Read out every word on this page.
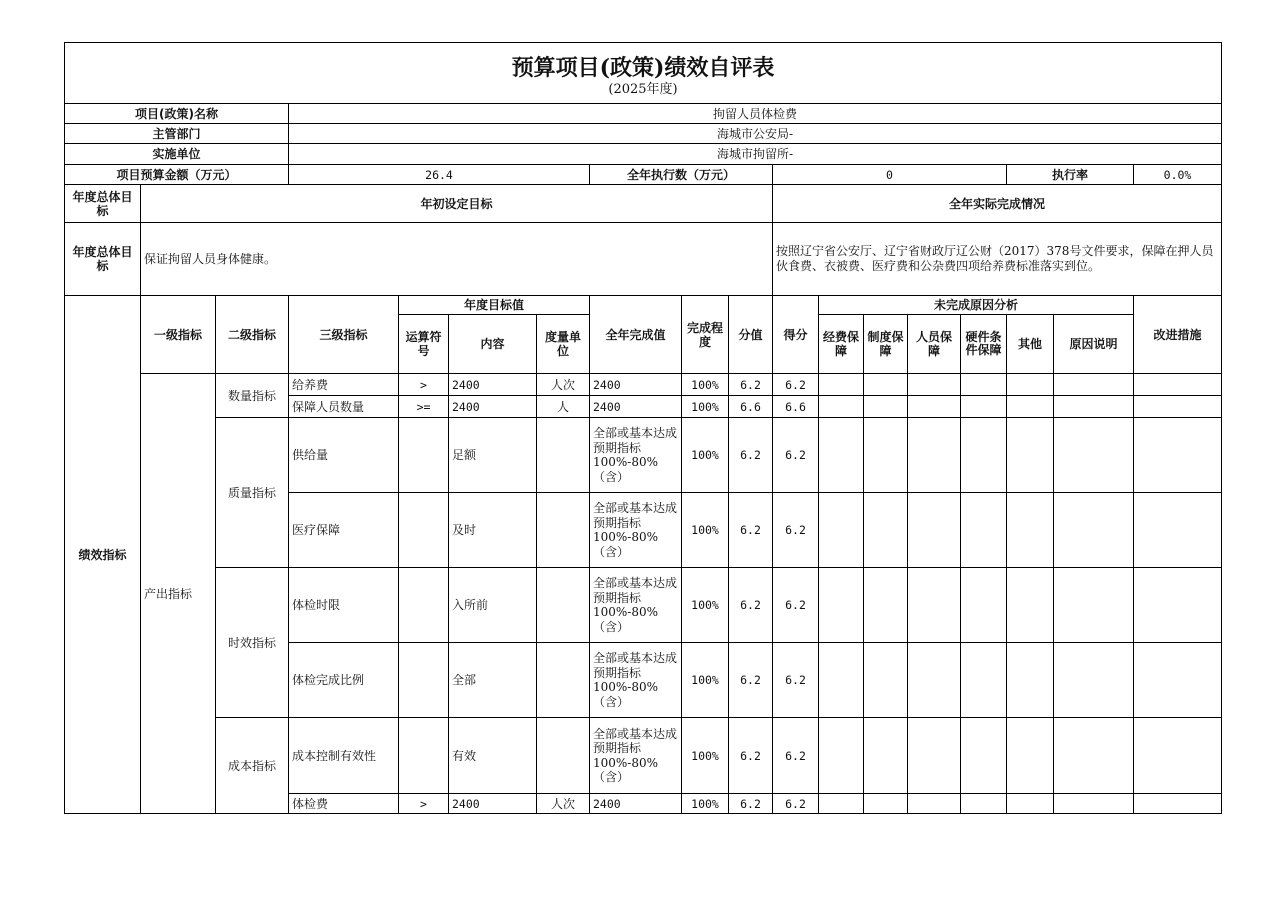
预算项目(政策)绩效自评表
(2025年度)																	

项目(政策)名称			拘留人员体检费														
主管部门			海城市公安局-														
实施单位			海城市拘留所-														
项目预算金额（万元）			26.4				全年执行数（万元）			0					执行率		0.0%
年度总体目标	年初设定目标									全年实际完成情况							
年度总体目标	保证拘留人员身体健康。									按照辽宁省公安厅、辽宁省财政厅辽公财（2017）378号文件要求，保障在押人员伙食费、衣被费、医疗费和公杂费四项给养费标准落实到位。							
绩效指标	一级指标	二级指标	三级指标	年度目标值			全年完成值	完成程度	分值	得分	未完成原因分析						改进措施
				运算符号	内容	度量单位					经费保障	制度保障	人员保障	硬件条件保障	其他	原因说明	

	产出指标	数量指标	给养费	>	2400	人次	2400	100%	6.2	6.2							
			保障人员数量	>=	2400	人	2400	100%	6.6	6.6							
		质量指标	供给量		足额		全部或基本达成预期指标100%-80%（含）	100%	6.2	6.2							
			医疗保障		及时		全部或基本达成预期指标100%-80%（含）	100%	6.2	6.2							
		时效指标	体检时限		入所前		全部或基本达成预期指标100%-80%（含）	100%	6.2	6.2							
			体检完成比例		全部		全部或基本达成预期指标100%-80%（含）	100%	6.2	6.2							
		成本指标	成本控制有效性		有效		全部或基本达成预期指标100%-80%（含）	100%	6.2	6.2							
			体检费	>	2400	人次	2400	100%	6.2	6.2							
